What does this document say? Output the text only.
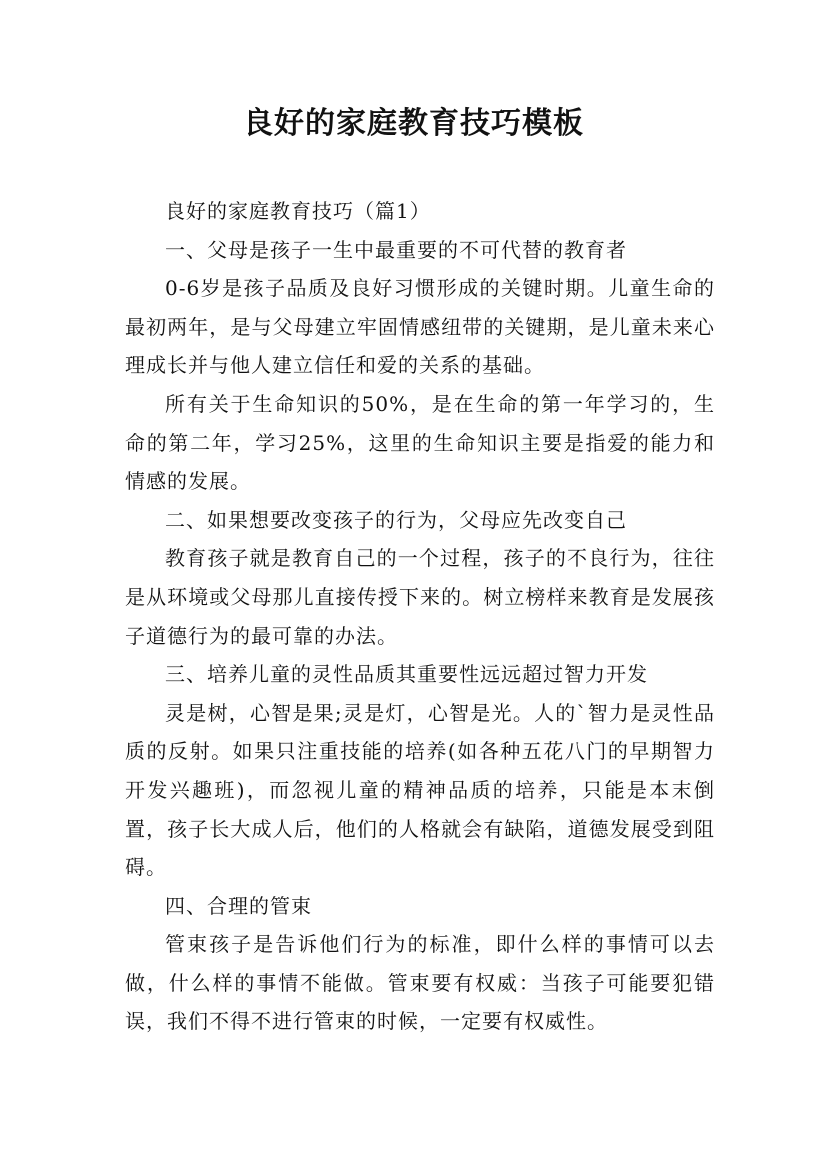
良好的家庭教育技巧模板

良好的家庭教育技巧（篇1）

一、父母是孩子一生中最重要的不可代替的教育者

0-6岁是孩子品质及良好习惯形成的关键时期。儿童生命的最初两年，是与父母建立牢固情感纽带的关键期，是儿童未来心理成长并与他人建立信任和爱的关系的基础。

所有关于生命知识的50%，是在生命的第一年学习的，生命的第二年，学习25%，这里的生命知识主要是指爱的能力和情感的发展。

二、如果想要改变孩子的行为，父母应先改变自己

教育孩子就是教育自己的一个过程，孩子的不良行为，往往是从环境或父母那儿直接传授下来的。树立榜样来教育是发展孩子道德行为的最可靠的办法。

三、培养儿童的灵性品质其重要性远远超过智力开发

灵是树，心智是果;灵是灯，心智是光。人的`智力是灵性品质的反射。如果只注重技能的培养(如各种五花八门的早期智力开发兴趣班)，而忽视儿童的精神品质的培养，只能是本末倒置，孩子长大成人后，他们的人格就会有缺陷，道德发展受到阻碍。

四、合理的管束

管束孩子是告诉他们行为的标准，即什么样的事情可以去做，什么样的事情不能做。管束要有权威：当孩子可能要犯错误，我们不得不进行管束的时候，一定要有权威性。
